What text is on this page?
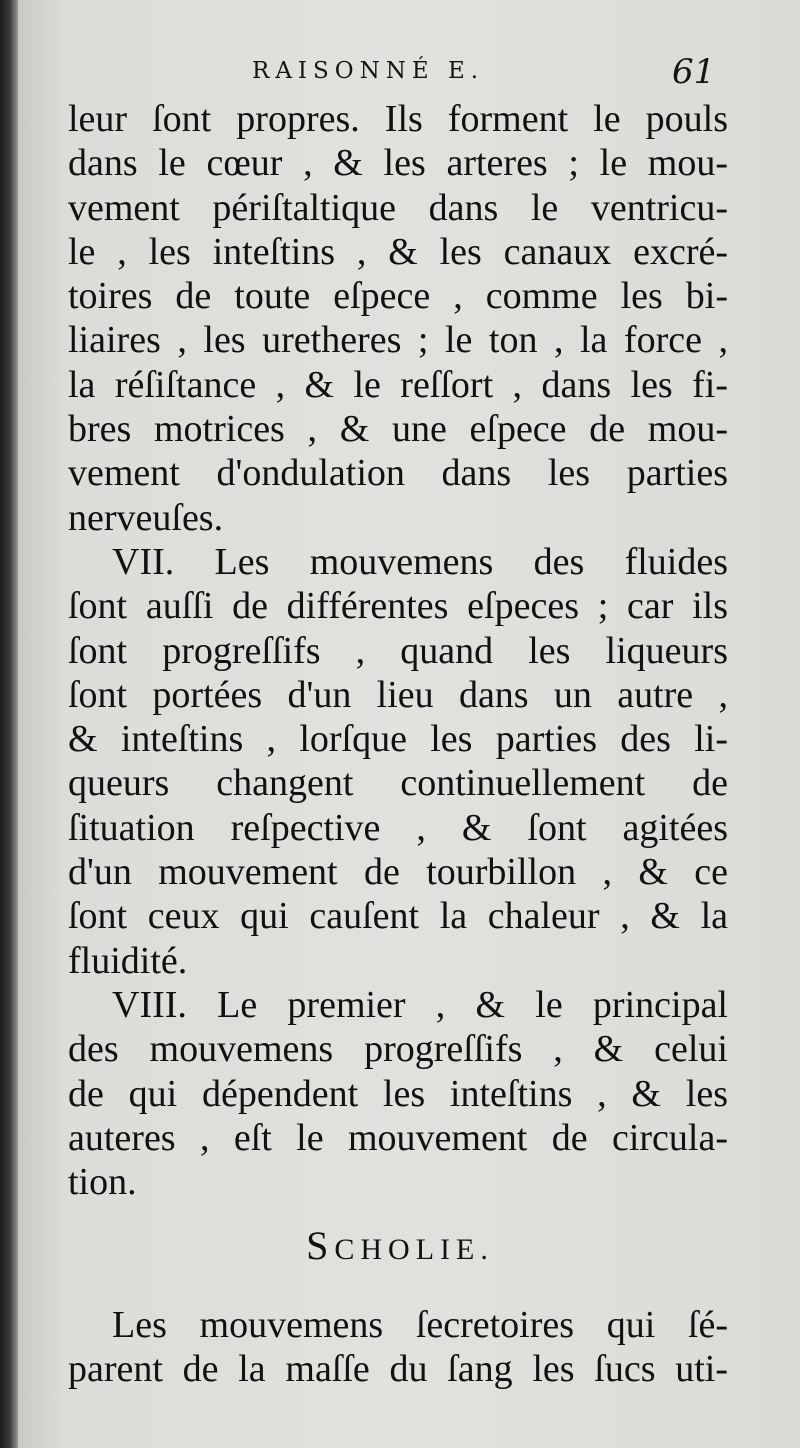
RAISONNÉ E.	61
leur ſont propres. Ils forment le pouls
dans le cœur , & les arteres ; le mou-
vement périſtaltique dans le ventricu-
le , les inteſtins , & les canaux excré-
toires de toute eſpece , comme les bi-
liaires , les uretheres ; le ton , la force ,
la réſiſtance , & le reſſort , dans les fi-
bres motrices , & une eſpece de mou-
vement d'ondulation dans les parties
nerveuſes.
VII. Les mouvemens des fluides
ſont auſſi de différentes eſpeces ; car ils
ſont progreſſifs , quand les liqueurs
ſont portées d'un lieu dans un autre ,
& inteſtins , lorſque les parties des li-
queurs changent continuellement de
ſituation reſpective , & ſont agitées
d'un mouvement de tourbillon , & ce
ſont ceux qui cauſent la chaleur , & la
fluidité.
VIII. Le premier , & le principal
des mouvemens progreſſifs , & celui
de qui dépendent les inteſtins , & les
auteres , eſt le mouvement de circula-
tion.
SCHOLIE.
Les mouvemens ſecretoires qui ſé-
parent de la maſſe du ſang les ſucs uti-
